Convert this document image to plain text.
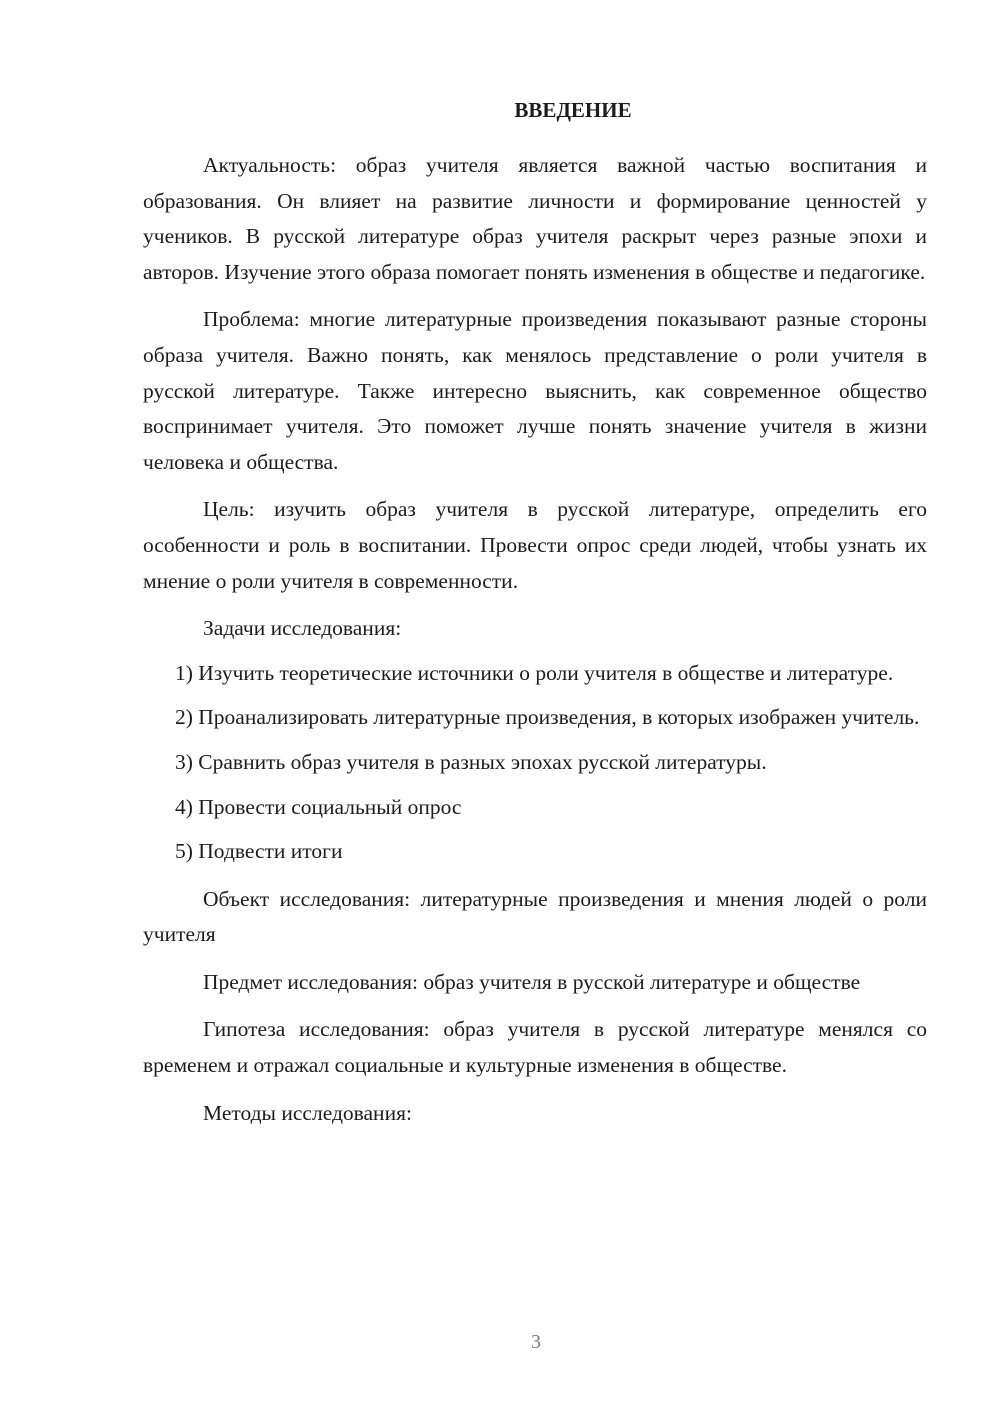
ВВЕДЕНИЕ

Актуальность: образ учителя является важной частью воспитания и образования. Он влияет на развитие личности и формирование ценностей у учеников. В русской литературе образ учителя раскрыт через разные эпохи и авторов. Изучение этого образа помогает понять изменения в обществе и педагогике.

Проблема: многие литературные произведения показывают разные стороны образа учителя. Важно понять, как менялось представление о роли учителя в русской литературе. Также интересно выяснить, как современное общество воспринимает учителя. Это поможет лучше понять значение учителя в жизни человека и общества.

Цель: изучить образ учителя в русской литературе, определить его особенности и роль в воспитании. Провести опрос среди людей, чтобы узнать их мнение о роли учителя в современности.

Задачи исследования:

1) Изучить теоретические источники о роли учителя в обществе и литературе.

2) Проанализировать литературные произведения, в которых изображен учитель.

3) Сравнить образ учителя в разных эпохах русской литературы.

4) Провести социальный опрос

5) Подвести итоги

Объект исследования: литературные произведения и мнения людей о роли учителя

Предмет исследования: образ учителя в русской литературе и обществе

Гипотеза исследования: образ учителя в русской литературе менялся со временем и отражал социальные и культурные изменения в обществе.

Методы исследования:

3
